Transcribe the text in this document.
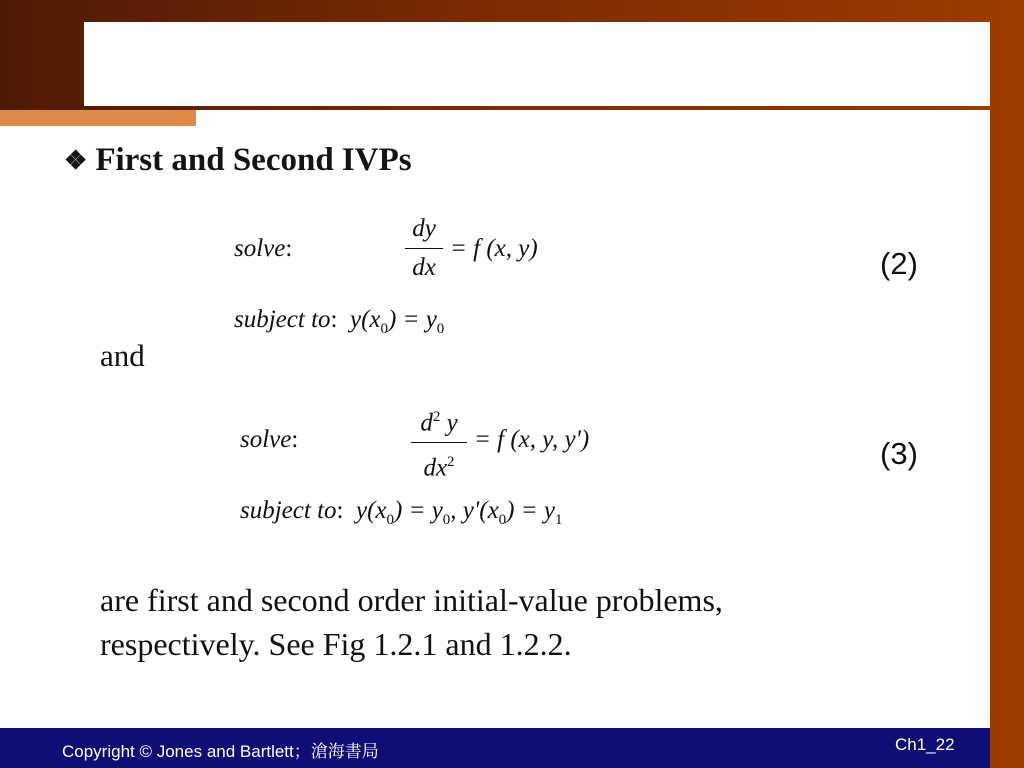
❖ First and Second IVPs
solve:
dy
dx
= f (x, y)	(2)
subject to: $y(x_0) = y_0$
and
solve:
$d^2$ y
$dx^2$
= f (x, y, y')	(3)
subject to: $y(x_0) = y_0$, $y'(x_0) = y_1$
are first and second order initial-value problems,
respectively. See Fig 1.2.1 and 1.2.2.
Copyright © Jones and Bartlett；滄海書局	Ch1_22
